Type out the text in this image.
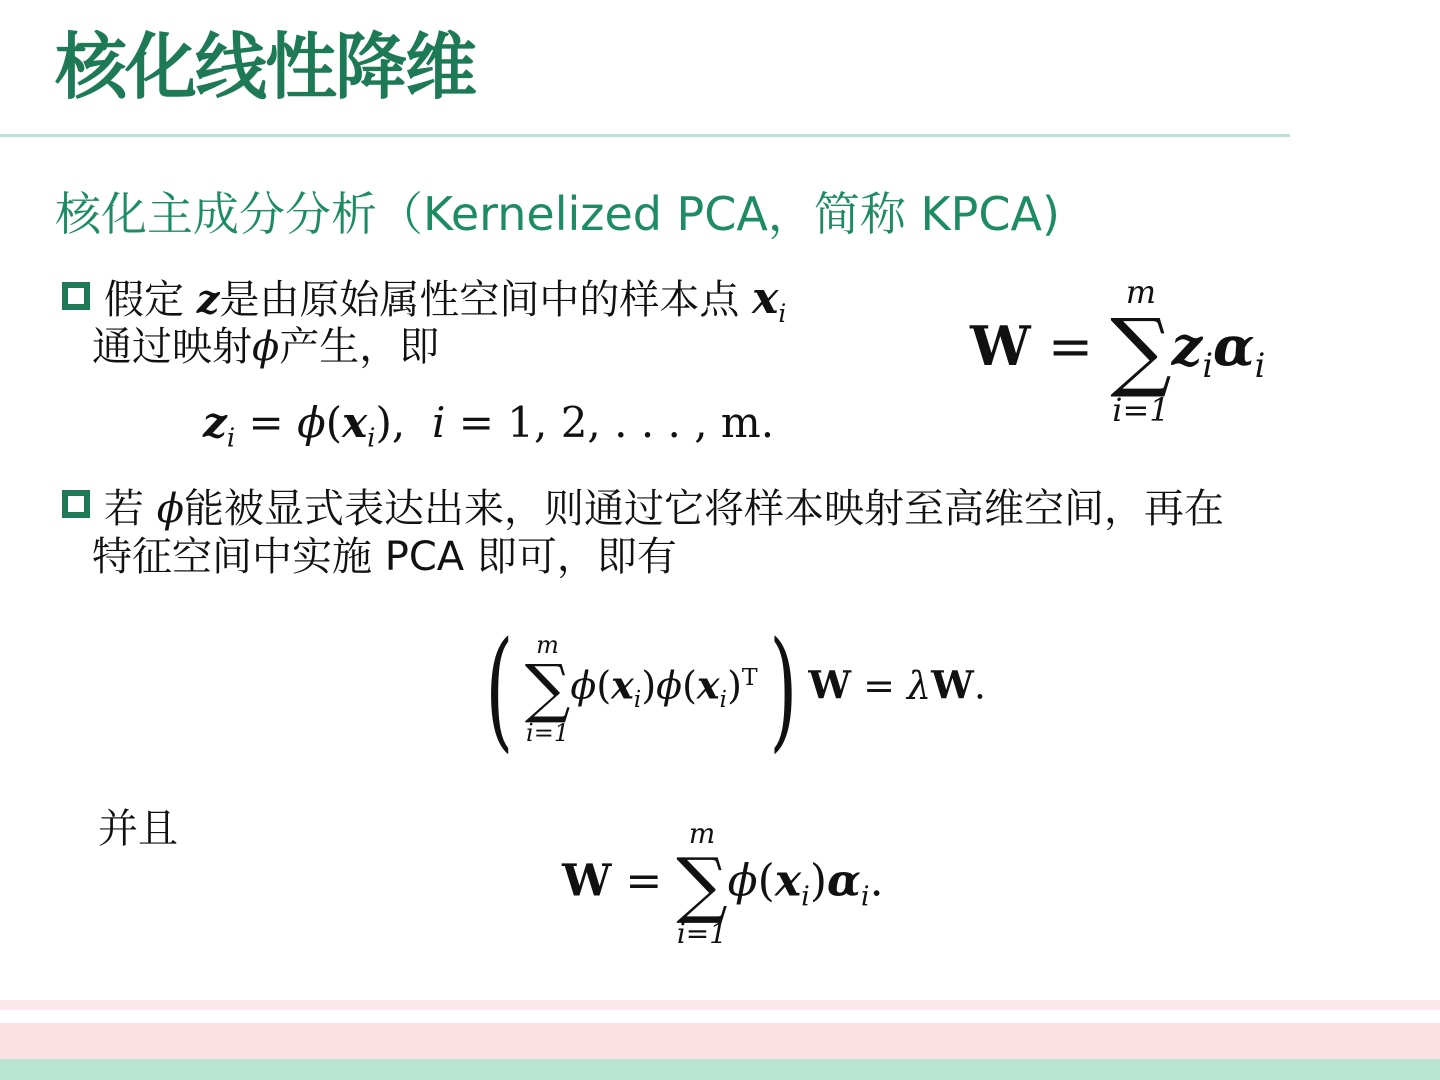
核化线性降维
核化主成分分析（Kernelized PCA，简称 KPCA)
假定 z是由原始属性空间中的样本点 $x_i$
通过映射ϕ产生，即
$z_i = \phi(x_i)$, i = 1, 2, . . . , m.
W =
m
∑
i=1
$z_i\alpha_i$
若 ϕ能被显式表达出来，则通过它将样本映射至高维空间，再在
特征空间中实施 PCA 即可，即有
( m
∑
i=1
$\phi(x_i)\phi(x_i)^T$) W = λW.
并且
W =
m
∑
i=1
$\phi(x_i)\alpha_i$.
